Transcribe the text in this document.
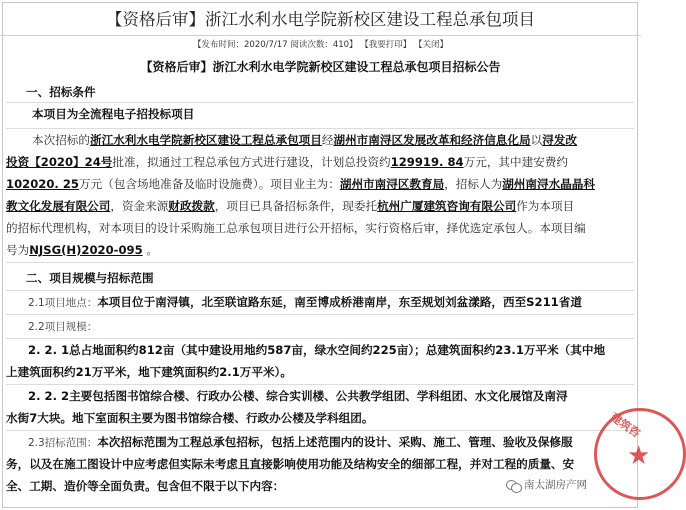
【资格后审】浙江水利水电学院新校区建设工程总承包项目
【发布时间：2020/7/17 阅读次数：410】 【我要打印】 【关闭】
【资格后审】浙江水利水电学院新校区建设工程总承包项目招标公告
一、招标条件
本项目为全流程电子招投标项目
本次招标的浙江水利水电学院新校区建设工程总承包项目经湖州市南浔区发展改革和经济信息化局以浔发改
投资【2020】24号批准，拟通过工程总承包方式进行建设，计划总投资约129919. 84万元，其中建安费约
102020. 25万元（包含场地准备及临时设施费）。项目业主为：湖州市南浔区教育局，招标人为湖州南浔水晶晶科
教文化发展有限公司，资金来源财政拨款，项目已具备招标条件，现委托杭州广厦建筑咨询有限公司作为本项目
的招标代理机构，对本项目的设计采购施工总承包项目进行公开招标，实行资格后审，择优选定承包人。本项目编
号为NJSG(H)2020-095 。
二、项目规模与招标范围
2.1项目地点：本项目位于南浔镇，北至联谊路东延，南至博成桥港南岸，东至规划刘盆漾路，西至S211省道
2.2项目规模：
2. 2. 1总占地面积约812亩（其中建设用地约587亩，绿水空间约225亩）；总建筑面积约23.1万平米（其中地
上建筑面积约21万平米，地下建筑面积约2.1万平米）。
2. 2. 2主要包括图书馆综合楼、行政办公楼、综合实训楼、公共教学组团、学科组团、水文化展馆及南浔
水街7大块。地下室面积主要为图书馆综合楼、行政办公楼及学科组团。
2.3招标范围：本次招标范围为工程总承包招标，包括上述范围内的设计、采购、施工、管理、验收及保修服
务，以及在施工图设计中应考虑但实际未考虑且直接影响使用功能及结构安全的细部工程，并对工程的质量、安
全、工期、造价等全面负责。包含但不限于以下内容：
建筑咨
★
南太湖房产网
